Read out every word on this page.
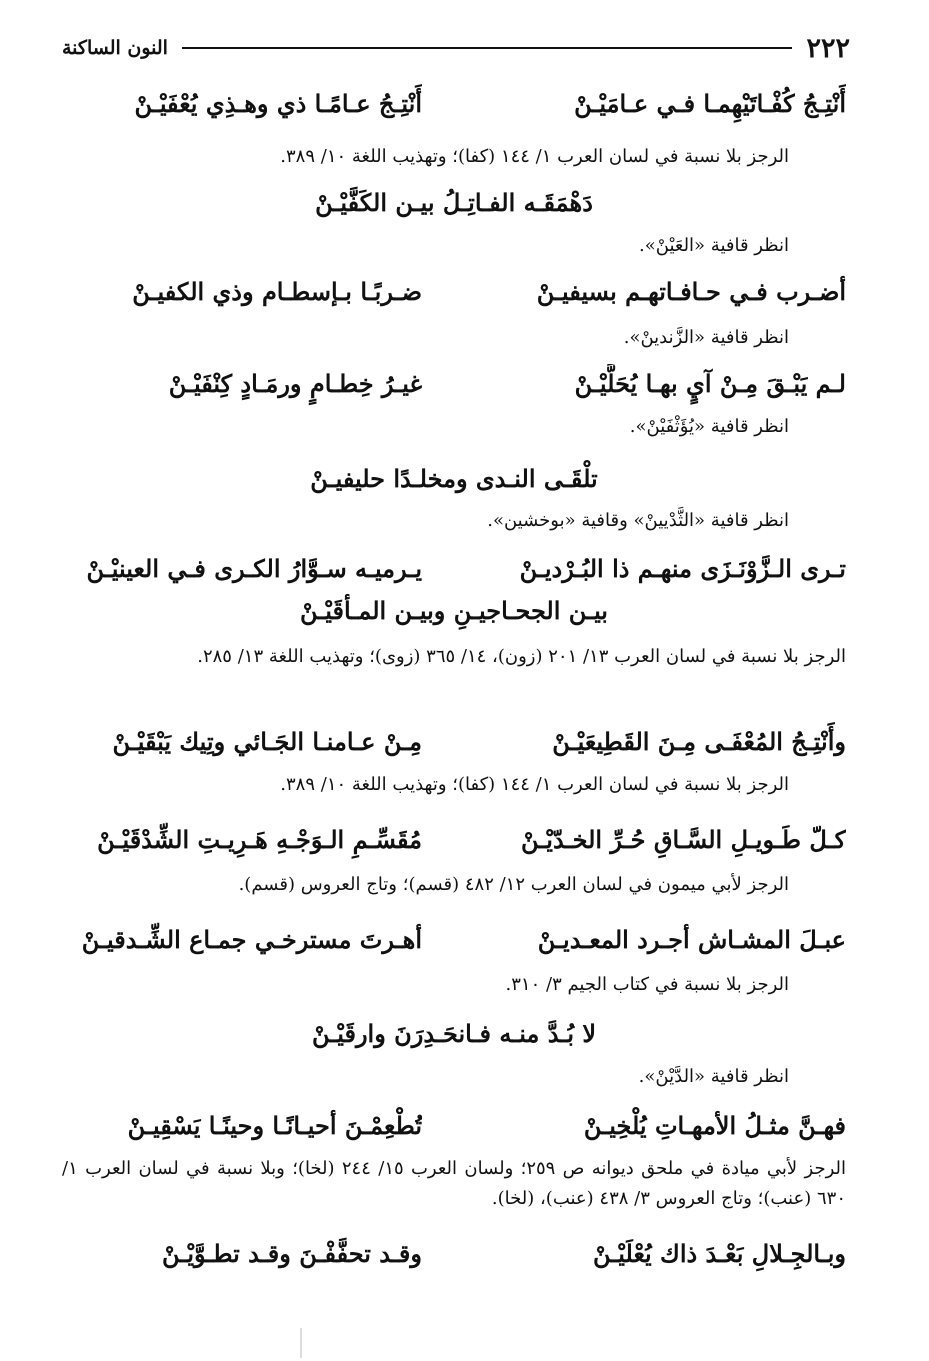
النون الساكنة	٢٢٢
أَنْتِـجُ كُفْـاتَيْهِمـا فـي عـامَيْـنْ
أَنْتِـجُ عـامًـا ذي وهـذِي يُعْفَيْـنْ
الرجز بلا نسبة في لسان العرب ١/ ١٤٤ (كفا)؛ وتهذيب اللغة ١٠/ ٣٨٩.
دَهْمَقَـه الفـاتِـلُ بيـن الكَفَّيْـنْ
انظر قافية «العَيْنْ».
أضـرب فـي حـافـاتهـم بسيفيـنْ
ضـربًـا بـإسطـام وذي الكفيـنْ
انظر قافية «الزَّندينْ».
لـم يَبْـقَ مِـنْ آيٍ بهـا يُحَلَّيْـنْ
غيـرُ خِطـامٍ ورمَـادٍ كِنْفَيْـنْ
انظر قافية «يُؤَثْفَيْنْ».
تلْقَـى النـدى ومخلـدًا حليفيـنْ
انظر قافية «الثَّدْيينْ» وقافية «بوخشين».
تـرى الـزَّوْنَـزَى منهـم ذا البُـرْديـنْ
يـرميـه سـوَّارُ الكـرى فـي العينيْـنْ
بيـن الجحـاجيـنِ وبيـن المـأقَيْـنْ
الرجز بلا نسبة في لسان العرب ١٣/ ٢٠١ (زون)، ١٤/ ٣٦٥ (زوى)؛ وتهذيب اللغة ١٣/ ٢٨٥.
وأَنْتِـجُ المُعْفَـى مِـنَ القَطِيعَيْـنْ
مِـنْ عـامنـا الجَـائي وتِيك يَبْقَيْـنْ
الرجز بلا نسبة في لسان العرب ١/ ١٤٤ (كفا)؛ وتهذيب اللغة ١٠/ ٣٨٩.
كـلّ طَـويـلِ السَّـاقِ حُـرِّ الخـدّيْـنْ
مُقَسِّـمِ الـوَجْـهِ هَـرِيـتِ الشِّدْقَيْـنْ
الرجز لأبي ميمون في لسان العرب ١٢/ ٤٨٢ (قسم)؛ وتاج العروس (قسم).
عبـلَ المشـاش أجـرد المعـديـنْ
أهـرتَ مسترخـي جمـاع الشِّـدقيـنْ
الرجز بلا نسبة في كتاب الجيم ٣/ ٣١٠.
لا بُـدَّ منـه فـانحَـدِرَنَ وارقَيْـنْ
انظر قافية «الدَّيْنْ».
فهـنَّ مثـلُ الأمهـاتِ يُلْخِيـنْ
تُطْعِمْـنَ أحيـانًـا وحينًـا يَسْقِيـنْ
الرجز لأبي ميادة في ملحق ديوانه ص ٢٥٩؛ ولسان العرب ١٥/ ٢٤٤ (لخا)؛ وبلا نسبة في لسان العرب ١/ ٦٣٠ (عنب)؛ وتاج العروس ٣/ ٤٣٨ (عنب)، (لخا).
وبـالجِـلالِ بَعْـدَ ذاك يُعْلَيْـنْ
وقـد تحفَّفْـنَ وقـد تطـوَّيْـنْ
